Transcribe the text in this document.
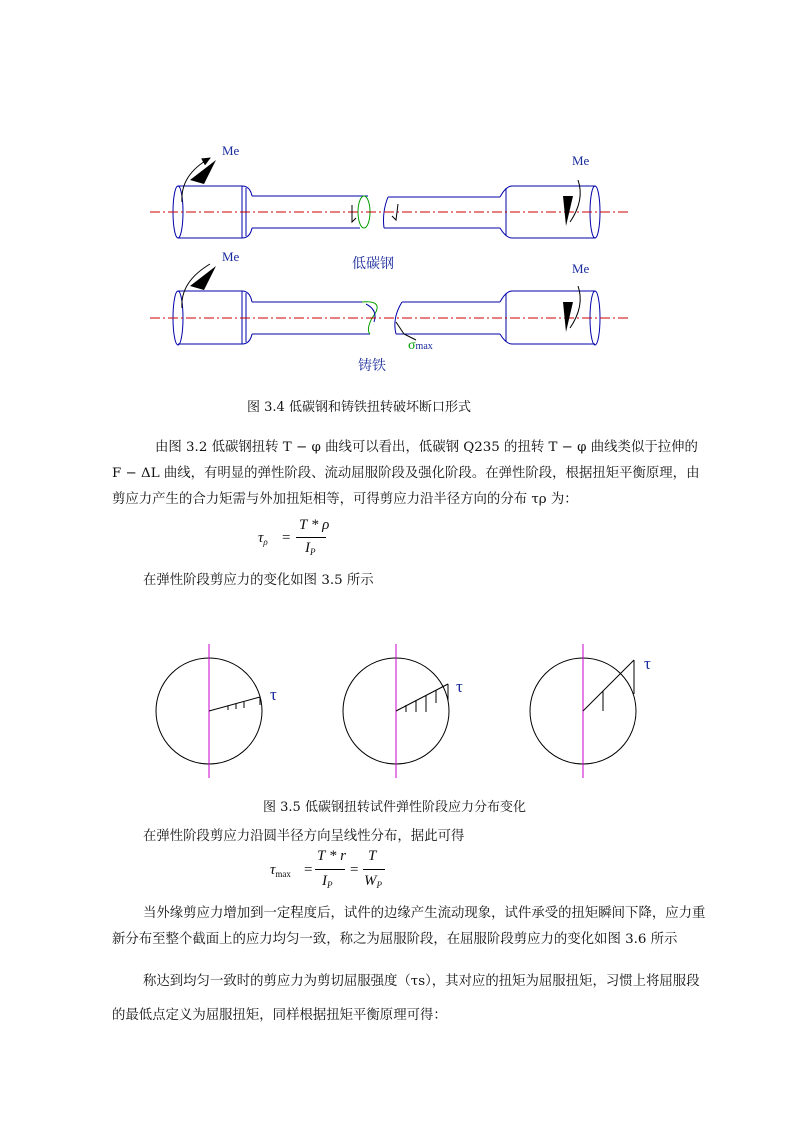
Me
Me
Me
Me
低碳钢
铸铁
σmax
图 3.4 低碳钢和铸铁扭转破坏断口形式
由图 3.2 低碳钢扭转 T − φ 曲线可以看出，低碳钢 Q235 的扭转 T − φ 曲线类似于拉伸的
F − ΔL 曲线，有明显的弹性阶段、流动屈服阶段及强化阶段。在弹性阶段，根据扭矩平衡原理，由
剪应力产生的合力矩需与外加扭矩相等，可得剪应力沿半径方向的分布 τρ 为：
$\tau_\rho$ =
T * ρ
$I_P$
在弹性阶段剪应力的变化如图 3.5 所示
τ	τ
τ
图 3.5 低碳钢扭转试件弹性阶段应力分布变化
在弹性阶段剪应力沿圆半径方向呈线性分布，据此可得
$\tau_{max}$ =
T * r
$I_P$
=
T
$W_P$
当外缘剪应力增加到一定程度后，试件的边缘产生流动现象，试件承受的扭矩瞬间下降，应力重
新分布至整个截面上的应力均匀一致，称之为屈服阶段，在屈服阶段剪应力的变化如图 3.6 所示
称达到均匀一致时的剪应力为剪切屈服强度（τs），其对应的扭矩为屈服扭矩，习惯上将屈服段
的最低点定义为屈服扭矩，同样根据扭矩平衡原理可得：
